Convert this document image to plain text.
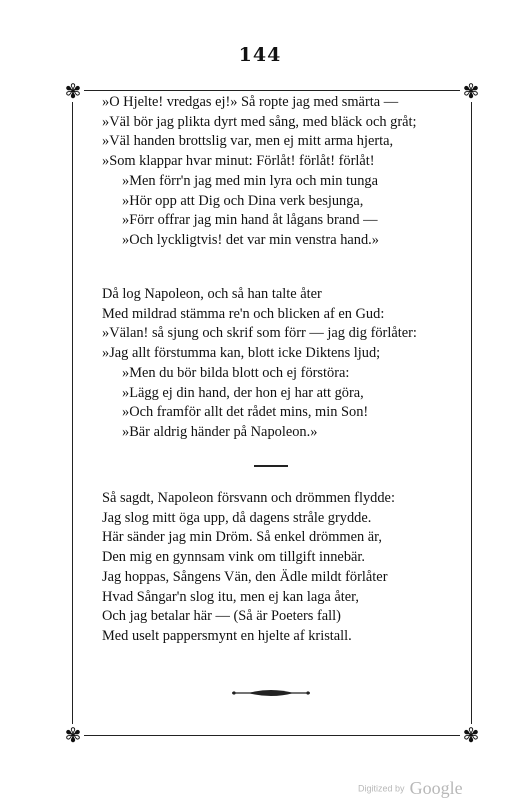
144
✾	✾
✾	✾
»O Hjelte! vredgas ej!» Så ropte jag med smärta —
»Väl bör jag plikta dyrt med sång, med bläck och gråt;
»Väl handen brottslig var, men ej mitt arma hjerta,
»Som klappar hvar minut: Förlåt! förlåt! förlåt!
»Men förr'n jag med min lyra och min tunga
»Hör opp att Dig och Dina verk besjunga,
»Förr offrar jag min hand åt lågans brand —
»Och lyckligtvis! det var min venstra hand.»
Då log Napoleon, och så han talte åter
Med mildrad stämma re'n och blicken af en Gud:
»Välan! så sjung och skrif som förr — jag dig förlåter:
»Jag allt förstumma kan, blott icke Diktens ljud;
»Men du bör bilda blott och ej förstöra:
»Lägg ej din hand, der hon ej har att göra,
»Och framför allt det rådet mins, min Son!
»Bär aldrig händer på Napoleon.»
Så sagdt, Napoleon försvann och drömmen flydde:
Jag slog mitt öga upp, då dagens stråle grydde.
Här sänder jag min Dröm. Så enkel drömmen är,
Den mig en gynnsam vink om tillgift innebär.
Jag hoppas, Sångens Vän, den Ädle mildt förlåter
Hvad Sångar'n slog itu, men ej kan laga åter,
Och jag betalar här — (Så är Poeters fall)
Med uselt pappersmynt en hjelte af kristall.
Digitized by Google
